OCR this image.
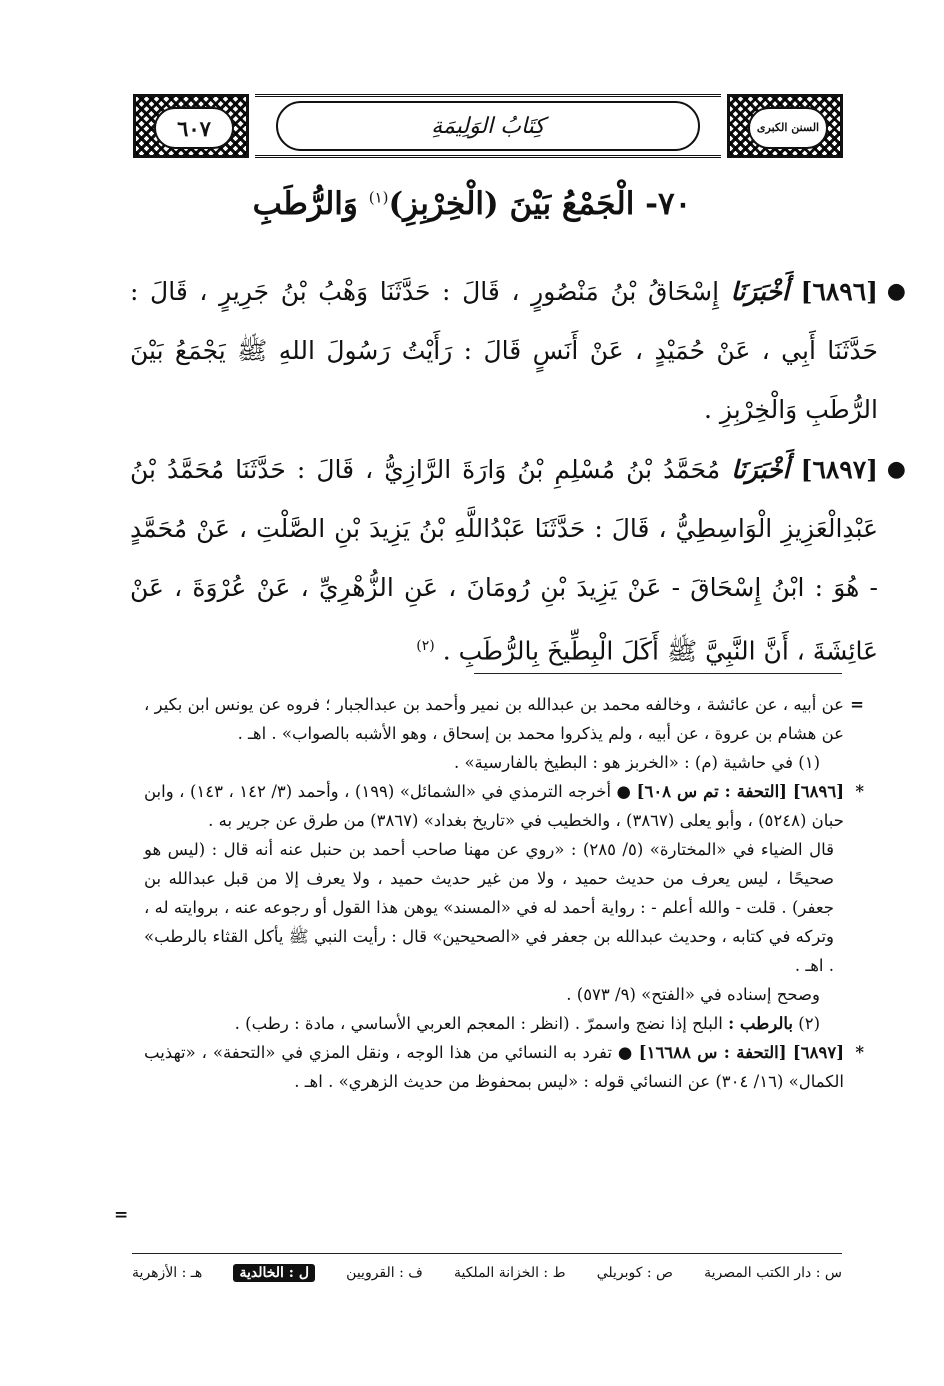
٦٠٧	كِتَابُ الوَلِيمَةِ	السنن الكبرى
٧٠- الْجَمْعُ بَيْنَ (الْخِرْبِزِ)$^{(١)}$ وَالرُّطَبِ
●
[٦٨٩٦] أَخْبَرَنَا إِسْحَاقُ بْنُ مَنْصُورٍ ، قَالَ : حَدَّثَنَا وَهْبُ بْنُ جَرِيرٍ ، قَالَ : حَدَّثَنَا أَبِي ، عَنْ حُمَيْدٍ ، عَنْ أَنَسٍ قَالَ : رَأَيْتُ رَسُولَ اللهِ ﷺ يَجْمَعُ بَيْنَ الرُّطَبِ وَالْخِرْبِزِ .
●
[٦٨٩٧] أَخْبَرَنَا مُحَمَّدُ بْنُ مُسْلِمِ بْنُ وَارَةَ الرَّازِيُّ ، قَالَ : حَدَّثَنَا مُحَمَّدُ بْنُ عَبْدِالْعَزِيزِ الْوَاسِطِيُّ ، قَالَ : حَدَّثَنَا عَبْدُاللَّهِ بْنُ يَزِيدَ بْنِ الصَّلْتِ ، عَنْ مُحَمَّدٍ - هُوَ : ابْنُ إِسْحَاقَ - عَنْ يَزِيدَ بْنِ رُومَانَ ، عَنِ الزُّهْرِيِّ ، عَنْ عُرْوَةَ ، عَنْ عَائِشَةَ ، أَنَّ النَّبِيَّ ﷺ أَكَلَ الْبِطِّيخَ بِالرُّطَبِ . $^{(٢)}$

=
عن أبيه ، عن عائشة ، وخالفه محمد بن عبدالله بن نمير وأحمد بن عبدالجبار ؛ فروه عن يونس ابن بكير ، عن هشام بن عروة ، عن أبيه ، ولم يذكروا محمد بن إسحاق ، وهو الأشبه بالصواب» . اهـ .

(١) في حاشية (م) : «الخربز هو : البطيخ بالفارسية» .

*
[٦٨٩٦] [التحفة : تم س ٦٠٨] ● أخرجه الترمذي في «الشمائل» (١٩٩) ، وأحمد (٣/ ١٤٢ ، ١٤٣) ، وابن حبان (٥٢٤٨) ، وأبو يعلى (٣٨٦٧) ، والخطيب في «تاريخ بغداد» (٣٨٦٧) من طرق عن جرير به .

قال الضياء في «المختارة» (٥/ ٢٨٥) : «روي عن مهنا صاحب أحمد بن حنبل عنه أنه قال : (ليس هو صحيحًا ، ليس يعرف من حديث حميد ، ولا من غير حديث حميد ، ولا يعرف إلا من قبل عبدالله بن جعفر) . قلت - والله أعلم - : رواية أحمد له في «المسند» يوهن هذا القول أو رجوعه عنه ، بروايته له ، وتركه في كتابه ، وحديث عبدالله بن جعفر في «الصحيحين» قال : رأيت النبي ﷺ يأكل القثاء بالرطب» . اهـ .

وصحح إسناده في «الفتح» (٩/ ٥٧٣) .

(٢) بالرطب : البلح إذا نضج واسمرّ . (انظر : المعجم العربي الأساسي ، مادة : رطب) .

*
[٦٨٩٧] [التحفة : س ١٦٦٨٨] ● تفرد به النسائي من هذا الوجه ، ونقل المزي في «التحفة» ، «تهذيب الكمال» (١٦/ ٣٠٤) عن النسائي قوله : «ليس بمحفوظ من حديث الزهري» . اهـ .

=
س : دار الكتب المصرية
ص : كوبريلي
ط : الخزانة الملكية
ف : القرويين
ل : الخالدية
هـ : الأزهرية
